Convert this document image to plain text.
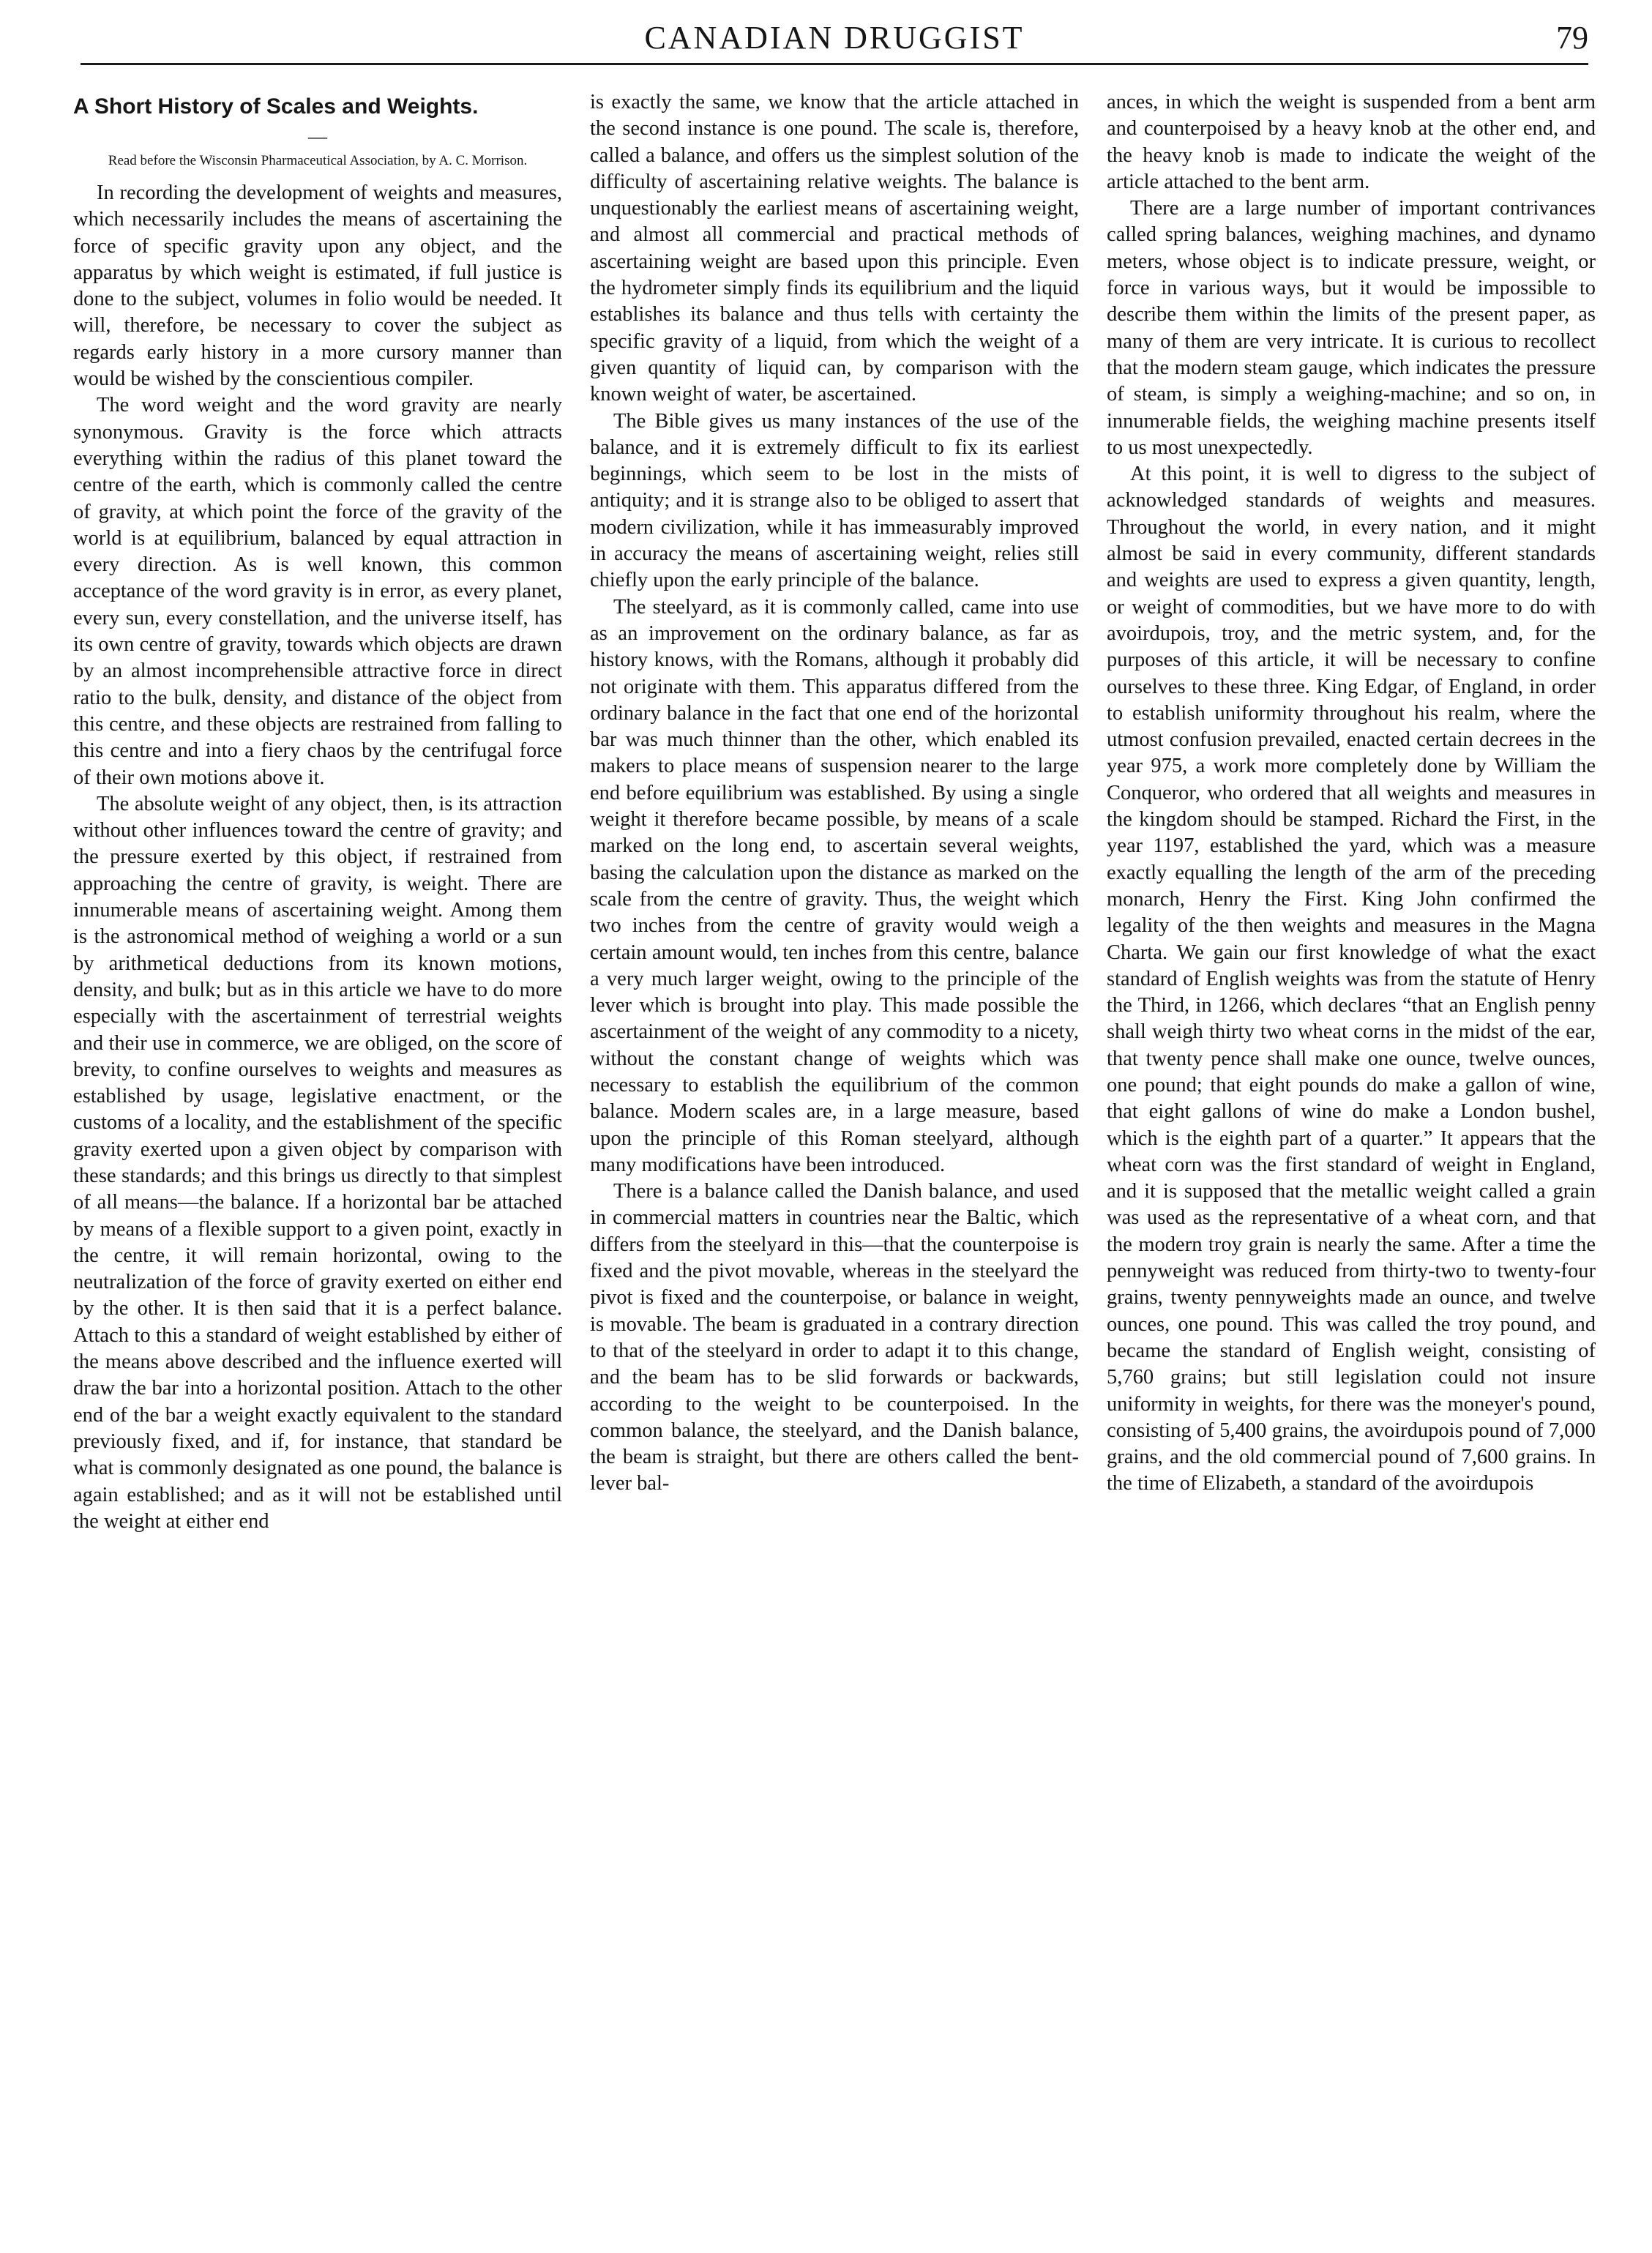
CANADIAN DRUGGIST	79
A Short History of Scales and Weights.
—
Read before the Wisconsin Pharmaceutical Association, by A. C. Morrison.

In recording the development of weights and measures, which necessarily includes the means of ascertaining the force of specific gravity upon any object, and the apparatus by which weight is estimated, if full justice is done to the subject, volumes in folio would be needed. It will, therefore, be necessary to cover the subject as regards early history in a more cursory manner than would be wished by the conscientious compiler.

The word weight and the word gravity are nearly synonymous. Gravity is the force which attracts everything within the radius of this planet toward the centre of the earth, which is commonly called the centre of gravity, at which point the force of the gravity of the world is at equilibrium, balanced by equal attraction in every direction. As is well known, this common acceptance of the word gravity is in error, as every planet, every sun, every constellation, and the universe itself, has its own centre of gravity, towards which objects are drawn by an almost incomprehensible attractive force in direct ratio to the bulk, density, and distance of the object from this centre, and these objects are restrained from falling to this centre and into a fiery chaos by the centrifugal force of their own motions above it.

The absolute weight of any object, then, is its attraction without other influences toward the centre of gravity; and the pressure exerted by this object, if restrained from approaching the centre of gravity, is weight. There are innumerable means of ascertaining weight. Among them is the astronomical method of weighing a world or a sun by arithmetical deductions from its known motions, density, and bulk; but as in this article we have to do more especially with the ascertainment of terrestrial weights and their use in commerce, we are obliged, on the score of brevity, to confine ourselves to weights and measures as established by usage, legislative enactment, or the customs of a locality, and the establishment of the specific gravity exerted upon a given object by comparison with these standards; and this brings us directly to that simplest of all means—the balance. If a horizontal bar be attached by means of a flexible support to a given point, exactly in the centre, it will remain horizontal, owing to the neutralization of the force of gravity exerted on either end by the other. It is then said that it is a perfect balance. Attach to this a standard of weight established by either of the means above described and the influence exerted will draw the bar into a horizontal position. Attach to the other end of the bar a weight exactly equivalent to the standard previously fixed, and if, for instance, that standard be what is commonly designated as one pound, the balance is again established; and as it will not be established until the weight at either end

is exactly the same, we know that the article attached in the second instance is one pound. The scale is, therefore, called a balance, and offers us the simplest solution of the difficulty of ascertaining relative weights. The balance is unquestionably the earliest means of ascertaining weight, and almost all commercial and practical methods of ascertaining weight are based upon this principle. Even the hydrometer simply finds its equilibrium and the liquid establishes its balance and thus tells with certainty the specific gravity of a liquid, from which the weight of a given quantity of liquid can, by comparison with the known weight of water, be ascertained.

The Bible gives us many instances of the use of the balance, and it is extremely difficult to fix its earliest beginnings, which seem to be lost in the mists of antiquity; and it is strange also to be obliged to assert that modern civilization, while it has immeasurably improved in accuracy the means of ascertaining weight, relies still chiefly upon the early principle of the balance.

The steelyard, as it is commonly called, came into use as an improvement on the ordinary balance, as far as history knows, with the Romans, although it probably did not originate with them. This apparatus differed from the ordinary balance in the fact that one end of the horizontal bar was much thinner than the other, which enabled its makers to place means of suspension nearer to the large end before equilibrium was established. By using a single weight it therefore became possible, by means of a scale marked on the long end, to ascertain several weights, basing the calculation upon the distance as marked on the scale from the centre of gravity. Thus, the weight which two inches from the centre of gravity would weigh a certain amount would, ten inches from this centre, balance a very much larger weight, owing to the principle of the lever which is brought into play. This made possible the ascertainment of the weight of any commodity to a nicety, without the constant change of weights which was necessary to establish the equilibrium of the common balance. Modern scales are, in a large measure, based upon the principle of this Roman steelyard, although many modifications have been introduced.

There is a balance called the Danish balance, and used in commercial matters in countries near the Baltic, which differs from the steelyard in this—that the counterpoise is fixed and the pivot movable, whereas in the steelyard the pivot is fixed and the counterpoise, or balance in weight, is movable. The beam is graduated in a contrary direction to that of the steelyard in order to adapt it to this change, and the beam has to be slid forwards or backwards, according to the weight to be counterpoised. In the common balance, the steelyard, and the Danish balance, the beam is straight, but there are others called the bent-lever bal-

ances, in which the weight is suspended from a bent arm and counterpoised by a heavy knob at the other end, and the heavy knob is made to indicate the weight of the article attached to the bent arm.

There are a large number of important contrivances called spring balances, weighing machines, and dynamo meters, whose object is to indicate pressure, weight, or force in various ways, but it would be impossible to describe them within the limits of the present paper, as many of them are very intricate. It is curious to recollect that the modern steam gauge, which indicates the pressure of steam, is simply a weighing-machine; and so on, in innumerable fields, the weighing machine presents itself to us most unexpectedly.

At this point, it is well to digress to the subject of acknowledged standards of weights and measures. Throughout the world, in every nation, and it might almost be said in every community, different standards and weights are used to express a given quantity, length, or weight of commodities, but we have more to do with avoirdupois, troy, and the metric system, and, for the purposes of this article, it will be necessary to confine ourselves to these three. King Edgar, of England, in order to establish uniformity throughout his realm, where the utmost confusion prevailed, enacted certain decrees in the year 975, a work more completely done by William the Conqueror, who ordered that all weights and measures in the kingdom should be stamped. Richard the First, in the year 1197, established the yard, which was a measure exactly equalling the length of the arm of the preceding monarch, Henry the First. King John confirmed the legality of the then weights and measures in the Magna Charta. We gain our first knowledge of what the exact standard of English weights was from the statute of Henry the Third, in 1266, which declares “that an English penny shall weigh thirty two wheat corns in the midst of the ear, that twenty pence shall make one ounce, twelve ounces, one pound; that eight pounds do make a gallon of wine, that eight gallons of wine do make a London bushel, which is the eighth part of a quarter.” It appears that the wheat corn was the first standard of weight in England, and it is supposed that the metallic weight called a grain was used as the representative of a wheat corn, and that the modern troy grain is nearly the same. After a time the pennyweight was reduced from thirty-two to twenty-four grains, twenty pennyweights made an ounce, and twelve ounces, one pound. This was called the troy pound, and became the standard of English weight, consisting of 5,760 grains; but still legislation could not insure uniformity in weights, for there was the moneyer's pound, consisting of 5,400 grains, the avoirdupois pound of 7,000 grains, and the old commercial pound of 7,600 grains. In the time of Elizabeth, a standard of the avoirdupois
